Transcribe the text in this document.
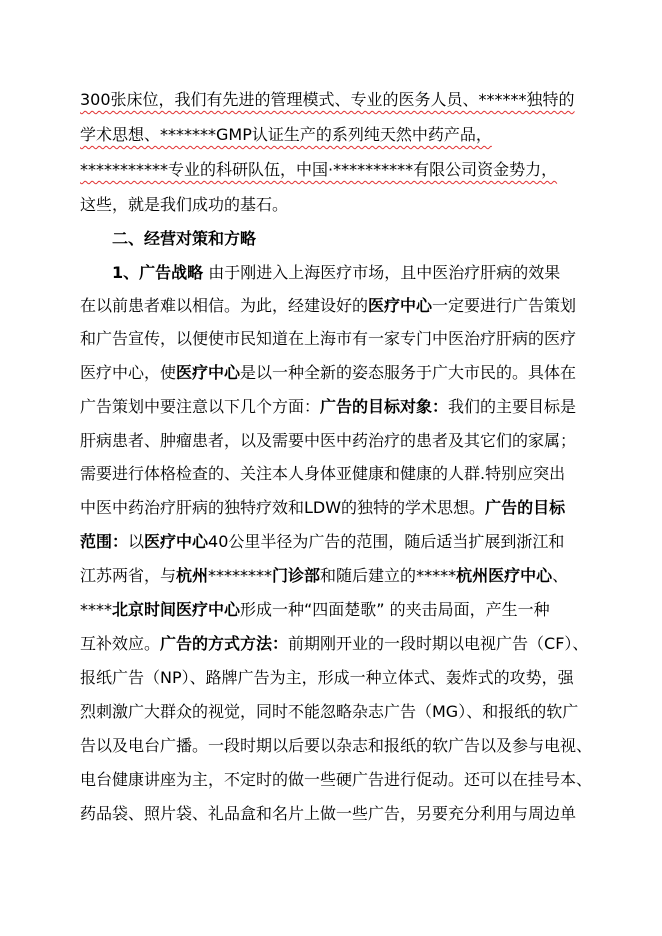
300张床位，我们有先进的管理模式、专业的医务人员、******独特的
学术思想、*******GMP认证生产的系列纯天然中药产品，
***********专业的科研队伍，中国·**********有限公司资金势力，
这些，就是我们成功的基石。
二、经营对策和方略
1、广告战略 由于刚进入上海医疗市场，且中医治疗肝病的效果
在以前患者难以相信。为此，经建设好的医疗中心一定要进行广告策划
和广告宣传，以便使市民知道在上海市有一家专门中医治疗肝病的医疗
医疗中心，使医疗中心是以一种全新的姿态服务于广大市民的。具体在
广告策划中要注意以下几个方面：广告的目标对象：我们的主要目标是
肝病患者、肿瘤患者，以及需要中医中药治疗的患者及其它们的家属；
需要进行体格检查的、关注本人身体亚健康和健康的人群.特别应突出
中医中药治疗肝病的独特疗效和LDW的独特的学术思想。广告的目标
范围：以医疗中心40公里半径为广告的范围，随后适当扩展到浙江和
江苏两省，与杭州********门诊部和随后建立的*****杭州医疗中心、
****北京时间医疗中心形成一种“四面楚歌” 的夹击局面，产生一种
互补效应。广告的方式方法：前期刚开业的一段时期以电视广告（CF）、
报纸广告（NP）、路牌广告为主，形成一种立体式、轰炸式的攻势，强
烈刺激广大群众的视觉，同时不能忽略杂志广告（MG）、和报纸的软广
告以及电台广播。一段时期以后要以杂志和报纸的软广告以及参与电视、
电台健康讲座为主，不定时的做一些硬广告进行促动。还可以在挂号本、
药品袋、照片袋、礼品盒和名片上做一些广告，另要充分利用与周边单
